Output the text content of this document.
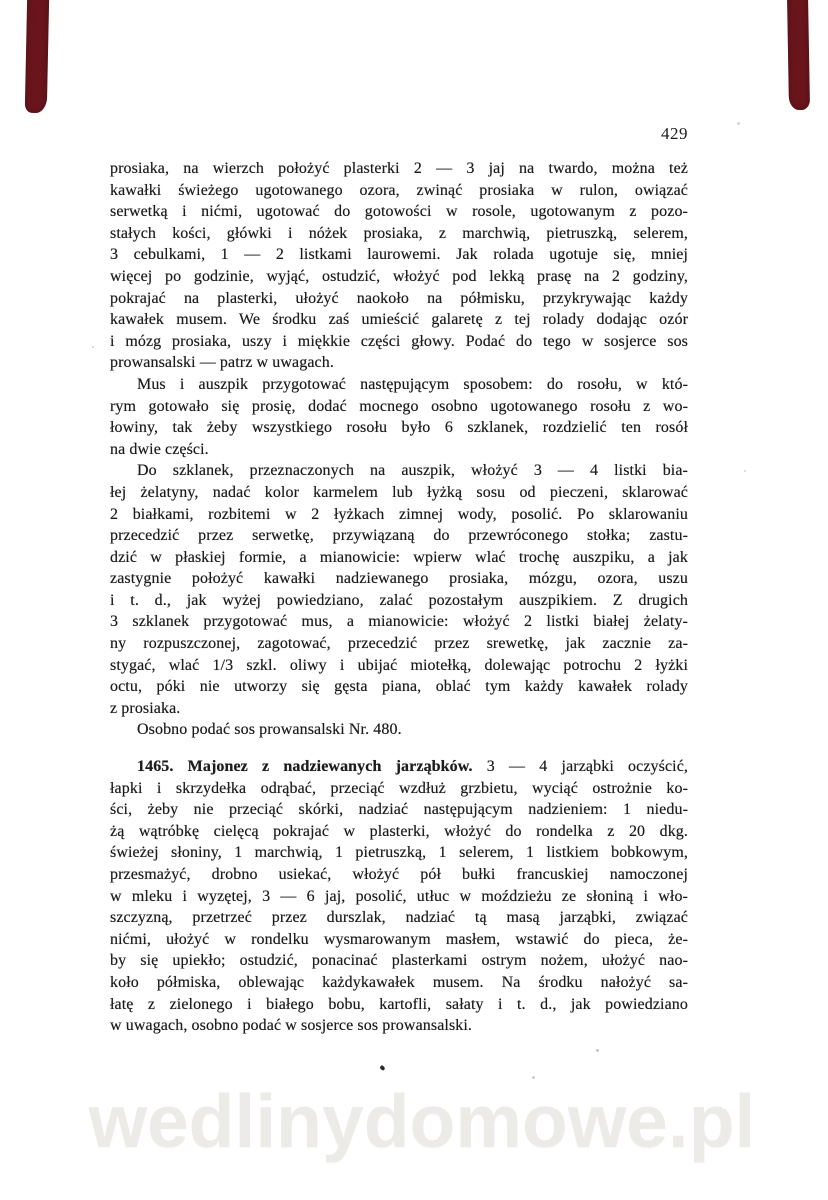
429
prosiaka, na wierzch położyć plasterki 2 — 3 jaj na twardo, można też
kawałki świeżego ugotowanego ozora, zwinąć prosiaka w rulon, owiązać
serwetką i nićmi, ugotować do gotowości w rosole, ugotowanym z pozo-
stałych kości, główki i nóżek prosiaka, z marchwią, pietruszką, selerem,
3 cebulkami, 1 — 2 listkami laurowemi. Jak rolada ugotuje się, mniej
więcej po godzinie, wyjąć, ostudzić, włożyć pod lekką prasę na 2 godziny,
pokrajać na plasterki, ułożyć naokoło na półmisku, przykrywając każdy
kawałek musem. We środku zaś umieścić galaretę z tej rolady dodając ozór
i mózg prosiaka, uszy i miękkie części głowy. Podać do tego w sosjerce sos
prowansalski — patrz w uwagach.
Mus i auszpik przygotować następującym sposobem: do rosołu, w któ-
rym gotowało się prosię, dodać mocnego osobno ugotowanego rosołu z wo-
łowiny, tak żeby wszystkiego rosołu było 6 szklanek, rozdzielić ten rosół
na dwie części.
Do szklanek, przeznaczonych na auszpik, włożyć 3 — 4 listki bia-
łej żelatyny, nadać kolor karmelem lub łyżką sosu od pieczeni, sklarować
2 białkami, rozbitemi w 2 łyżkach zimnej wody, posolić. Po sklarowaniu
przecedzić przez serwetkę, przywiązaną do przewróconego stołka; zastu-
dzić w płaskiej formie, a mianowicie: wpierw wlać trochę auszpiku, a jak
zastygnie położyć kawałki nadziewanego prosiaka, mózgu, ozora, uszu
i t. d., jak wyżej powiedziano, zalać pozostałym auszpikiem. Z drugich
3 szklanek przygotować mus, a mianowicie: włożyć 2 listki białej żelaty-
ny rozpuszczonej, zagotować, przecedzić przez srewetkę, jak zacznie za-
stygać, wlać 1/3 szkl. oliwy i ubijać miotełką, dolewając potrochu 2 łyżki
octu, póki nie utworzy się gęsta piana, oblać tym każdy kawałek rolady
z prosiaka.
Osobno podać sos prowansalski Nr. 480.
1465. Majonez z nadziewanych jarząbków. 3 — 4 jarząbki oczyścić,
łapki i skrzydełka odrąbać, przeciąć wzdłuż grzbietu, wyciąć ostrożnie ko-
ści, żeby nie przeciąć skórki, nadziać następującym nadzieniem: 1 niedu-
żą wątróbkę cielęcą pokrajać w plasterki, włożyć do rondelka z 20 dkg.
świeżej słoniny, 1 marchwią, 1 pietruszką, 1 selerem, 1 listkiem bobkowym,
przesmażyć, drobno usiekać, włożyć pół bułki francuskiej namoczonej
w mleku i wyzętej, 3 — 6 jaj, posolić, utłuc w moździeżu ze słoniną i wło-
szczyzną, przetrzeć przez durszlak, nadziać tą masą jarząbki, związać
nićmi, ułożyć w rondelku wysmarowanym masłem, wstawić do pieca, że-
by się upiekło; ostudzić, ponacinać plasterkami ostrym nożem, ułożyć nao-
koło półmiska, oblewając każdykawałek musem. Na środku nałożyć sa-
łatę z zielonego i białego bobu, kartofli, sałaty i t. d., jak powiedziano
w uwagach, osobno podać w sosjerce sos prowansalski.
wedlinydomowe.pl
